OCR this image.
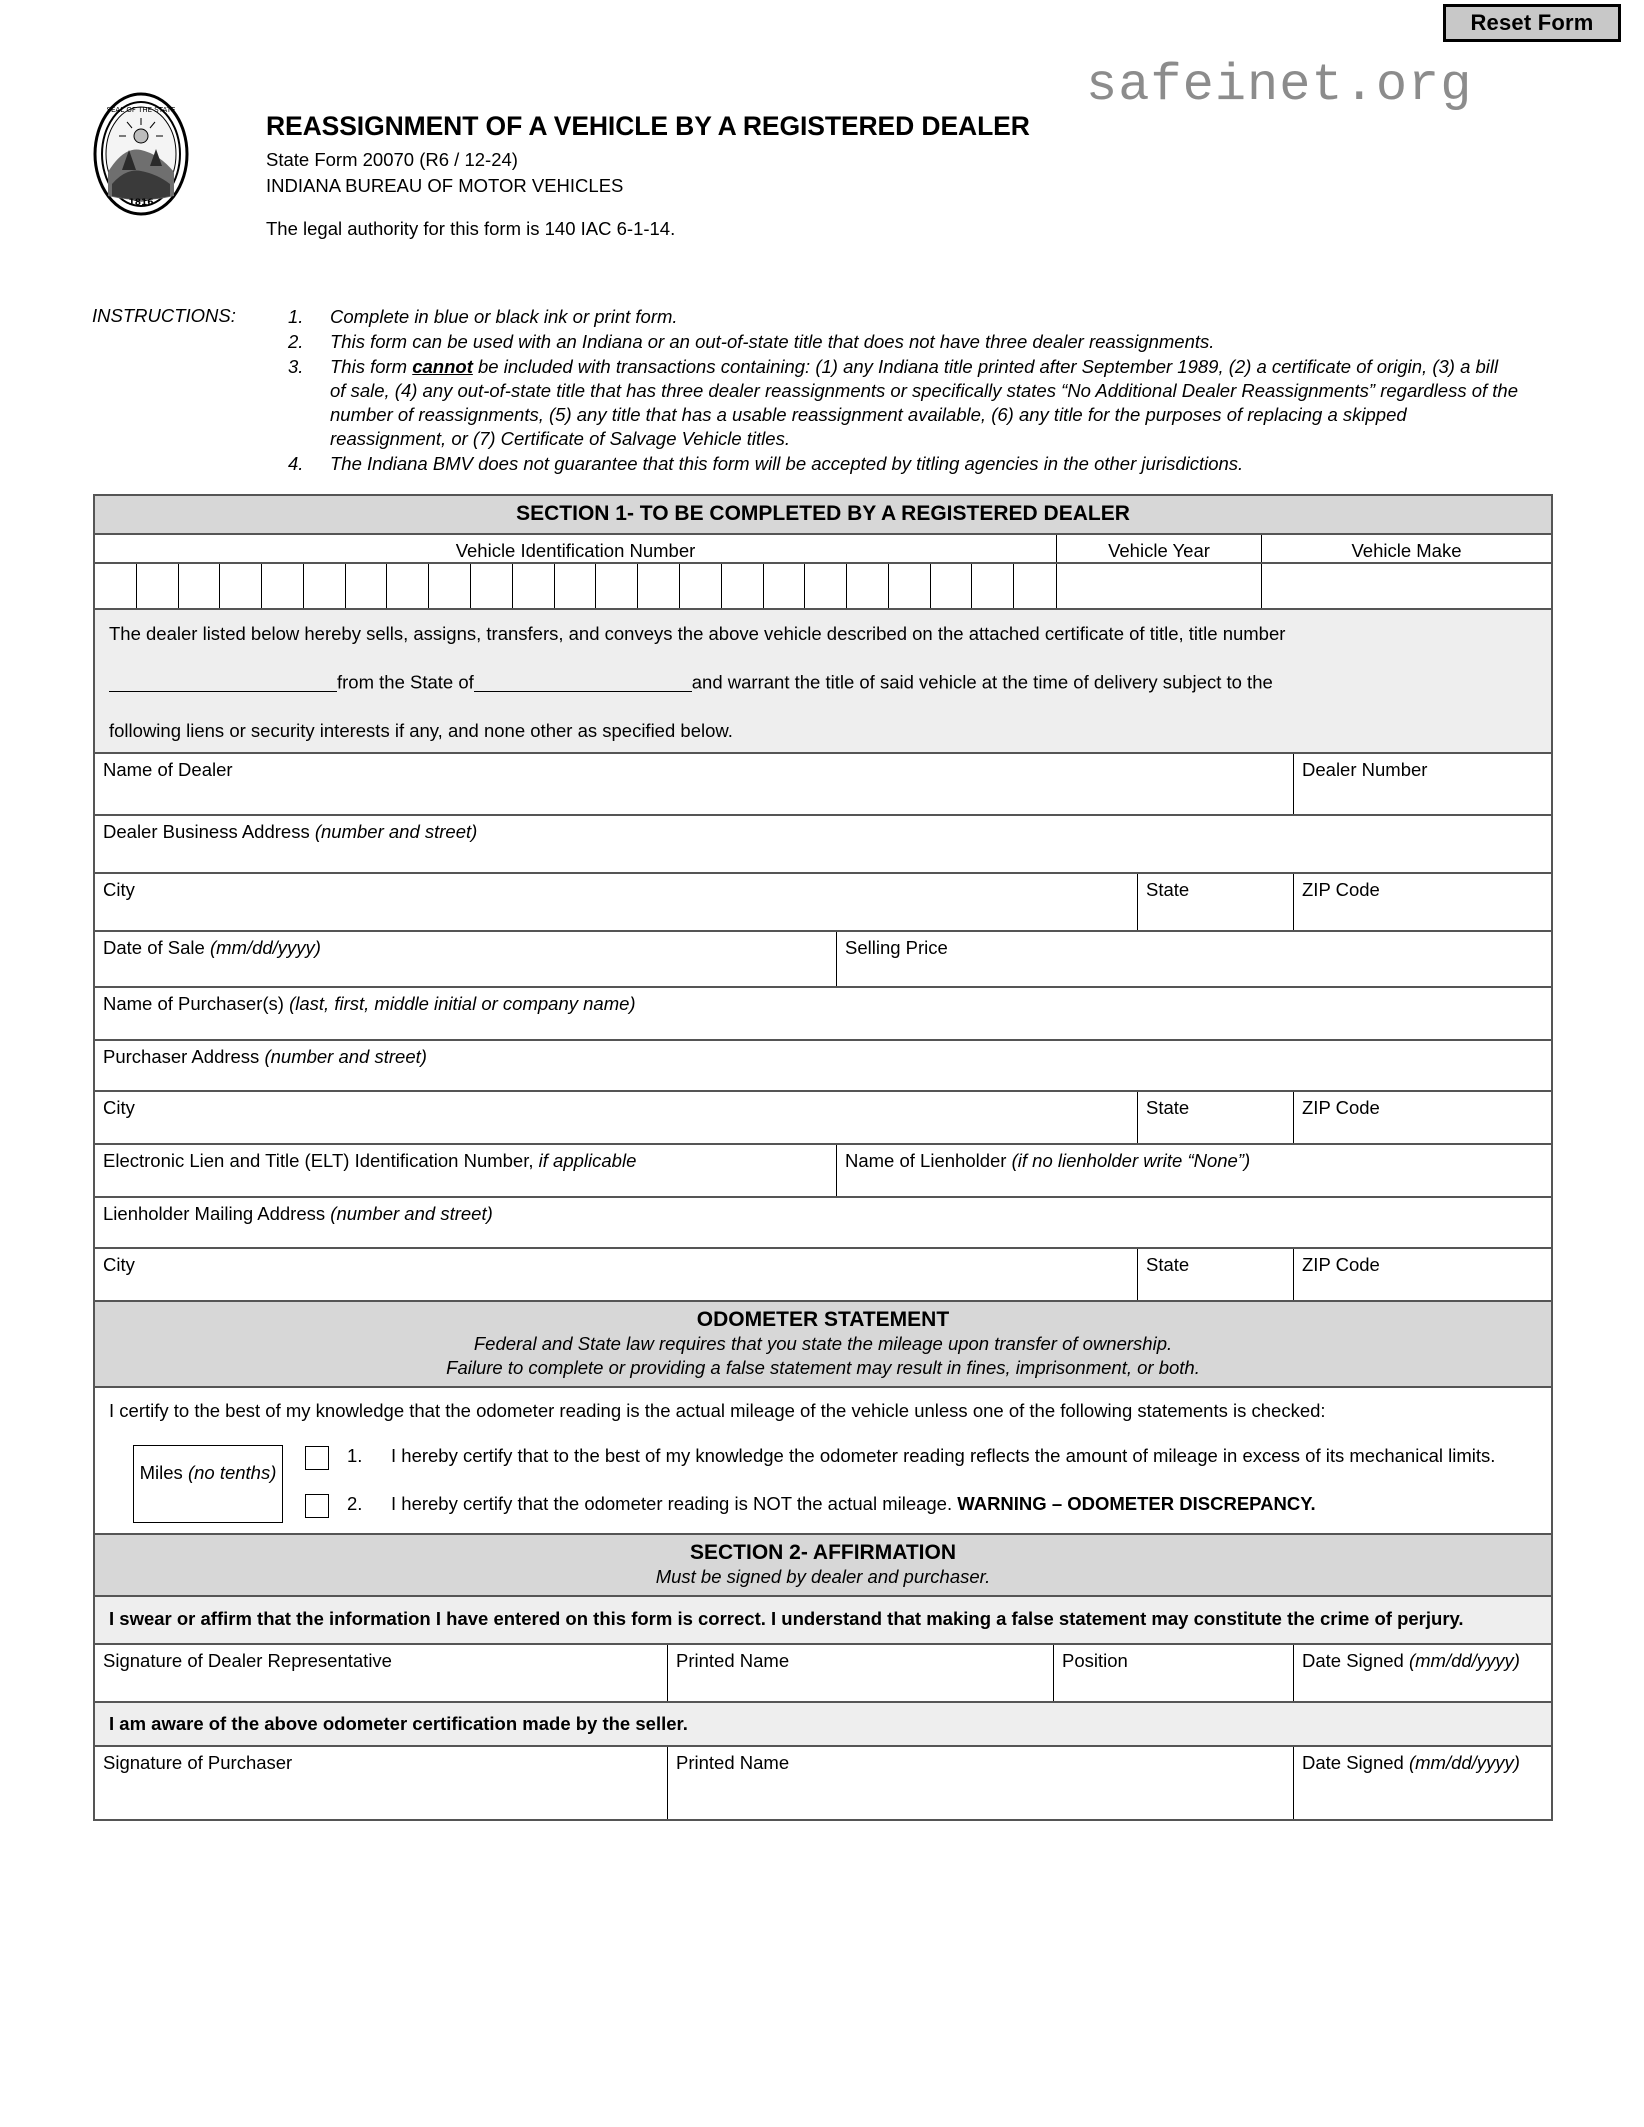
Reset Form
safeinet.org
SEAL OF THE STATE
1816
REASSIGNMENT OF A VEHICLE BY A REGISTERED DEALER
State Form 20070 (R6 / 12-24)
INDIANA BUREAU OF MOTOR VEHICLES
The legal authority for this form is 140 IAC 6-1-14.
INSTRUCTIONS:	1.	Complete in blue or black ink or print form.
2.	This form can be used with an Indiana or an out-of-state title that does not have three dealer reassignments.
3.	This form cannot be included with transactions containing: (1) any Indiana title printed after September 1989, (2) a certificate of origin, (3) a bill of sale, (4) any out-of-state title that has three dealer reassignments or specifically states “No Additional Dealer Reassignments” regardless of the number of reassignments, (5) any title that has a usable reassignment available, (6) any title for the purposes of replacing a skipped reassignment, or (7) Certificate of Salvage Vehicle titles.
4.	The Indiana BMV does not guarantee that this form will be accepted by titling agencies in the other jurisdictions.
SECTION 1- TO BE COMPLETED BY A REGISTERED DEALER
Vehicle Identification Number	Vehicle Year	Vehicle Make

The dealer listed below hereby sells, assigns, transfers, and conveys the above vehicle described on the attached certificate of title, title number

from the State of	and warrant the title of said vehicle at the time of delivery subject to the

following liens or security interests if any, and none other as specified below.

Name of Dealer	Dealer Number
Dealer Business Address (number and street)
City	State	ZIP Code
Date of Sale (mm/dd/yyyy)	Selling Price
Name of Purchaser(s) (last, first, middle initial or company name)
Purchaser Address (number and street)
City	State	ZIP Code
Electronic Lien and Title (ELT) Identification Number, if applicable	Name of Lienholder (if no lienholder write “None”)
Lienholder Mailing Address (number and street)
City	State	ZIP Code
ODOMETER STATEMENT
Federal and State law requires that you state the mileage upon transfer of ownership.
Failure to complete or providing a false statement may result in fines, imprisonment, or both.
I certify to the best of my knowledge that the odometer reading is the actual mileage of the vehicle unless one of the following statements is checked:
Miles (no tenths)
1.	I hereby certify that to the best of my knowledge the odometer reading reflects the amount of mileage in excess of its mechanical limits.
2.	I hereby certify that the odometer reading is NOT the actual mileage. WARNING – ODOMETER DISCREPANCY.
SECTION 2- AFFIRMATION
Must be signed by dealer and purchaser.
I swear or affirm that the information I have entered on this form is correct. I understand that making a false statement may constitute the crime of perjury.
Signature of Dealer Representative	Printed Name	Position	Date Signed (mm/dd/yyyy)
I am aware of the above odometer certification made by the seller.
Signature of Purchaser	Printed Name	Date Signed (mm/dd/yyyy)
